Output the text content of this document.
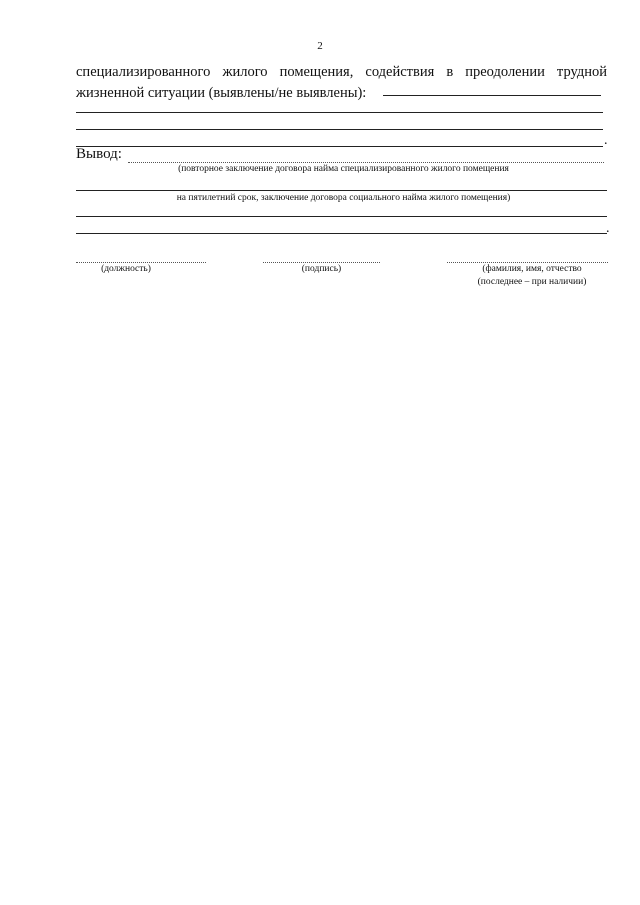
2
специализированного жилого помещения, содействия в преодолении трудной
жизненной ситуации (выявлены/не выявлены):
.
Вывод:
(повторное заключение договора найма специализированного жилого помещения
на пятилетний срок, заключение договора социального найма жилого помещения)
.
(должность)	(подпись)	(фамилия, имя, отчество
(последнее – при наличии)
